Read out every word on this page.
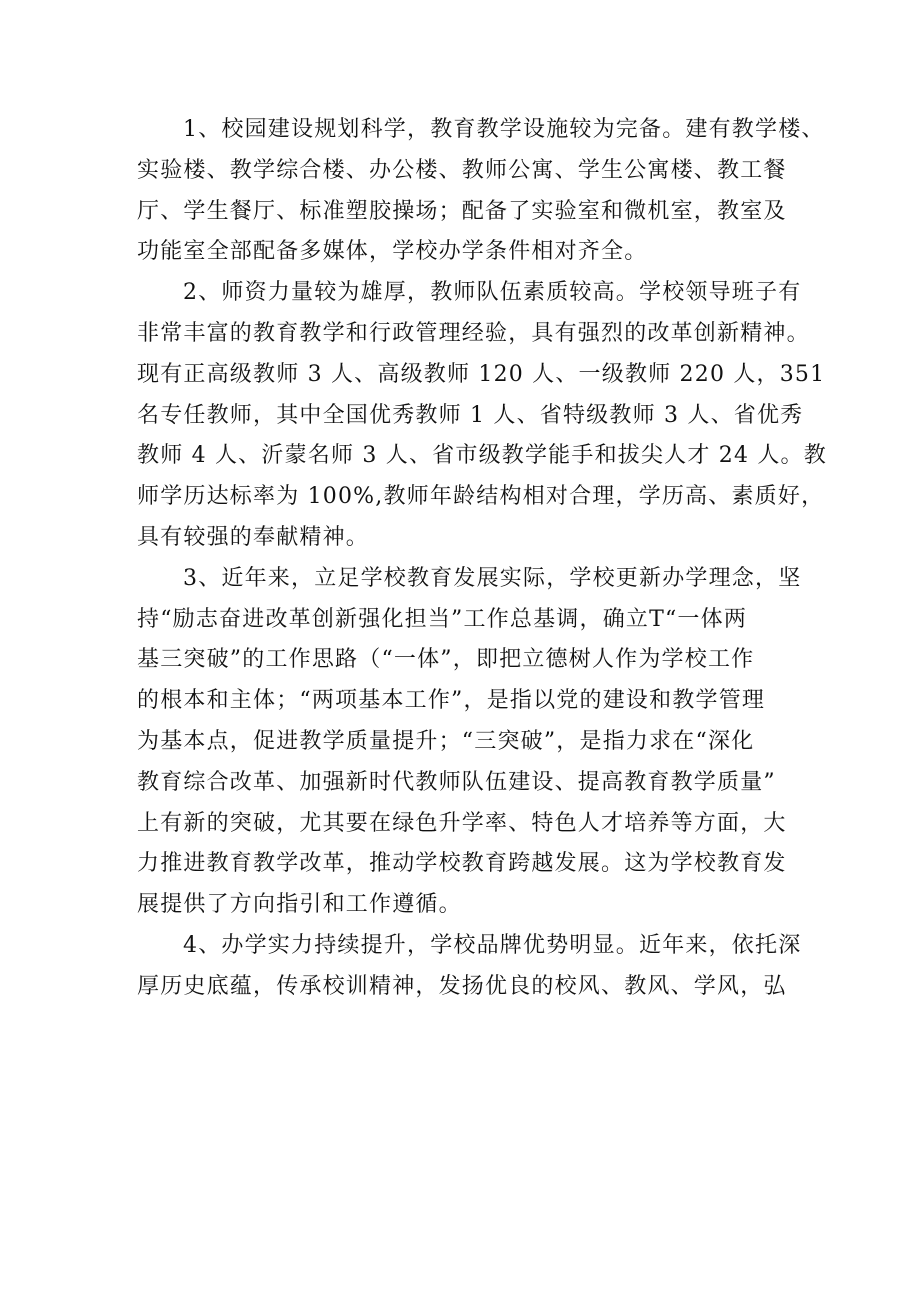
1、校园建设规划科学，教育教学设施较为完备。建有教学楼、
实验楼、教学综合楼、办公楼、教师公寓、学生公寓楼、教工餐
厅、学生餐厅、标准塑胶操场；配备了实验室和微机室，教室及
功能室全部配备多媒体，学校办学条件相对齐全。
2、师资力量较为雄厚，教师队伍素质较高。学校领导班子有
非常丰富的教育教学和行政管理经验，具有强烈的改革创新精神。
现有正高级教师 3 人、高级教师 120 人、一级教师 220 人，351
名专任教师，其中全国优秀教师 1 人、省特级教师 3 人、省优秀
教师 4 人、沂蒙名师 3 人、省市级教学能手和拔尖人才 24 人。教
师学历达标率为 100%,教师年龄结构相对合理，学历高、素质好，
具有较强的奉献精神。
3、近年来，立足学校教育发展实际，学校更新办学理念，坚
持“励志奋进改革创新强化担当”工作总基调，确立T“一体两
基三突破”的工作思路（“一体”，即把立德树人作为学校工作
的根本和主体；“两项基本工作”，是指以党的建设和教学管理
为基本点，促进教学质量提升；“三突破”，是指力求在“深化
教育综合改革、加强新时代教师队伍建设、提高教育教学质量”
上有新的突破，尤其要在绿色升学率、特色人才培养等方面，大
力推进教育教学改革，推动学校教育跨越发展。这为学校教育发
展提供了方向指引和工作遵循。
4、办学实力持续提升，学校品牌优势明显。近年来，依托深
厚历史底蕴，传承校训精神，发扬优良的校风、教风、学风，弘
